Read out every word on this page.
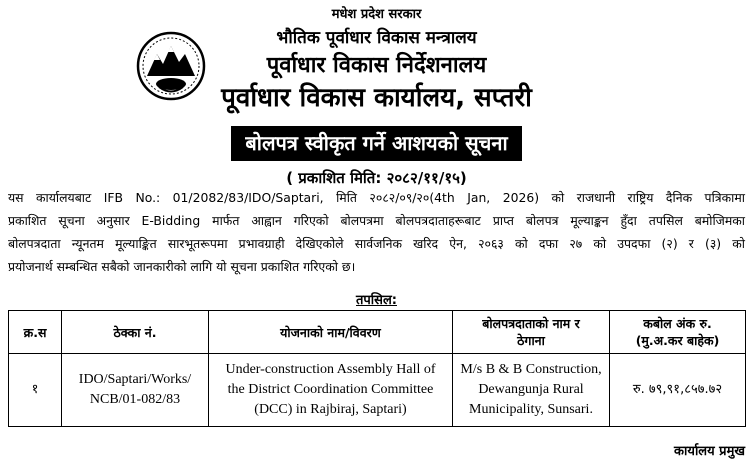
मधेश प्रदेश सरकार
भौतिक पूर्वाधार विकास मन्त्रालय
पूर्वाधार विकास निर्देशनालय
पूर्वाधार विकास कार्यालय, सप्तरी
बोलपत्र स्वीकृत गर्ने आशयको सूचना
( प्रकाशित मिति: २०८२/११/१५)
यस कार्यालयबाट IFB No.: 01/2082/83/IDO/Saptari, मिति २०८२/०९/२०(4th Jan, 2026) को राजधानी राष्ट्रिय दैनिक पत्रिकामा
प्रकाशित सूचना अनुसार E-Bidding मार्फत आह्वान गरिएको बोलपत्रमा बोलपत्रदाताहरूबाट प्राप्त बोलपत्र मूल्याङ्कन हुँदा तपसिल बमोजिमका
बोलपत्रदाता न्यूनतम मूल्याङ्कित सारभूतरूपमा प्रभावग्राही देखिएकोले सार्वजनिक खरिद ऐन, २०६३ को दफा २७ को उपदफा (२) र (३) को
प्रयोजनार्थ सम्बन्धित सबैको जानकारीको लागि यो सूचना प्रकाशित गरिएको छ।
तपसिल:
क्र.स	ठेक्का नं.	योजनाको नाम/विवरण	बोलपत्रदाताको नाम र
ठेगाना	कबोल अंक रु.
(मु.अ.कर बाहेक)
१	IDO/Saptari/Works/
NCB/01-082/83	Under-construction Assembly Hall of
the District Coordination Committee
(DCC) in Rajbiraj, Saptari)	M/s B & B Construction,
Dewangunja Rural
Municipality, Sunsari.	रु. ७९,९१,८५७.७२
कार्यालय प्रमुख
